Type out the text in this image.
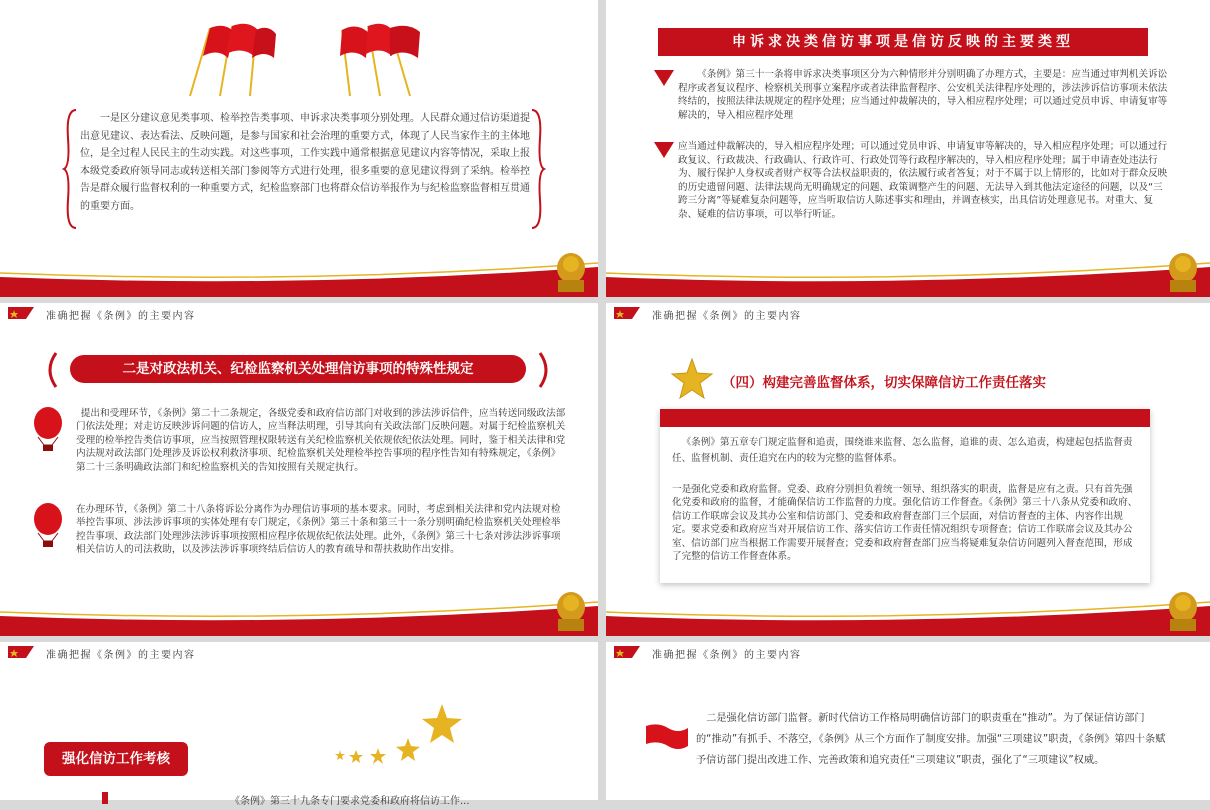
一是区分建议意见类事项、检举控告类事项、申诉求决类事项分别处理。人民群众通过信访渠道提出意见建议、表达看法、反映问题，是参与国家和社会治理的重要方式，体现了人民当家作主的主体地位，是全过程人民民主的生动实践。对这些事项，工作实践中通常根据意见建议内容等情况，采取上报本级党委政府领导同志或转送相关部门参阅等方式进行处理，很多重要的意见建议得到了采纳。检举控告是群众履行监督权利的一种重要方式，纪检监察部门也将群众信访举报作为与纪检监察监督相互贯通的重要方面。
申诉求决类信访事项是信访反映的主要类型
《条例》第三十一条将申诉求决类事项区分为六种情形并分别明确了办理方式，主要是：应当通过审判机关诉讼程序或者复议程序、检察机关刑事立案程序或者法律监督程序、公安机关法律程序处理的，涉法涉诉信访事项未依法终结的，按照法律法规规定的程序处理；应当通过仲裁解决的，导入相应程序处理；可以通过党员申诉、申请复审等解决的，导入相应程序处理
应当通过仲裁解决的，导入相应程序处理；可以通过党员申诉、申请复审等解决的，导入相应程序处理；可以通过行政复议、行政裁决、行政确认、行政许可、行政处罚等行政程序解决的，导入相应程序处理；属于申请查处违法行为、履行保护人身权或者财产权等合法权益职责的，依法履行或者答复；对于不属于以上情形的，比如对于群众反映的历史遗留问题、法律法规尚无明确规定的问题、政策调整产生的问题、无法导入到其他法定途径的问题，以及“三跨三分离”等疑难复杂问题等，应当听取信访人陈述事实和理由，并调查核实，出具信访处理意见书。对重大、复杂、疑难的信访事项，可以举行听证。
准确把握《条例》的主要内容
二是对政法机关、纪检监察机关处理信访事项的特殊性规定
提出和受理环节，《条例》第二十二条规定，各级党委和政府信访部门对收到的涉法涉诉信件，应当转送同级政法部门依法处理；对走访反映涉诉问题的信访人，应当释法明理，引导其向有关政法部门反映问题。对属于纪检监察机关受理的检举控告类信访事项，应当按照管理权限转送有关纪检监察机关依规依纪依法处理。同时，鉴于相关法律和党内法规对政法部门处理涉及诉讼权利救济事项、纪检监察机关处理检举控告事项的程序性告知有特殊规定，《条例》第二十三条明确政法部门和纪检监察机关的告知按照有关规定执行。
在办理环节，《条例》第二十八条将诉讼分离作为办理信访事项的基本要求。同时，考虑到相关法律和党内法规对检举控告事项、涉法涉诉事项的实体处理有专门规定，《条例》第三十条和第三十一条分别明确纪检监察机关处理检举控告事项、政法部门处理涉法涉诉事项按照相应程序依规依纪依法处理。此外，《条例》第三十七条对涉法涉诉事项相关信访人的司法救助，以及涉法涉诉事项终结后信访人的教育疏导和帮扶救助作出安排。
准确把握《条例》的主要内容
（四）构建完善监督体系，切实保障信访工作责任落实
《条例》第五章专门规定监督和追责，围绕谁来监督、怎么监督，追谁的责、怎么追责，构建起包括监督责任、监督机制、责任追究在内的较为完整的监督体系。
一是强化党委和政府监督。党委、政府分别担负着统一领导、组织落实的职责，监督是应有之责。只有首先强化党委和政府的监督，才能确保信访工作监督的力度。强化信访工作督查。《条例》第三十八条从党委和政府、信访工作联席会议及其办公室和信访部门、党委和政府督查部门三个层面，对信访督查的主体、内容作出规定。要求党委和政府应当对开展信访工作、落实信访工作责任情况组织专项督查；信访工作联席会议及其办公室、信访部门应当根据工作需要开展督查；党委和政府督查部门应当将疑难复杂信访问题列入督查范围，形成了完整的信访工作督查体系。
准确把握《条例》的主要内容
强化信访工作考核
《条例》第三十九条专门要求党委和政府将信访工作...
准确把握《条例》的主要内容
二是强化信访部门监督。新时代信访工作格局明确信访部门的职责重在“推动”。为了保证信访部门的“推动”有抓手、不落空，《条例》从三个方面作了制度安排。加强“三项建议”职责，《条例》第四十条赋予信访部门提出改进工作、完善政策和追究责任“三项建议”职责，强化了“三项建议”权威。
